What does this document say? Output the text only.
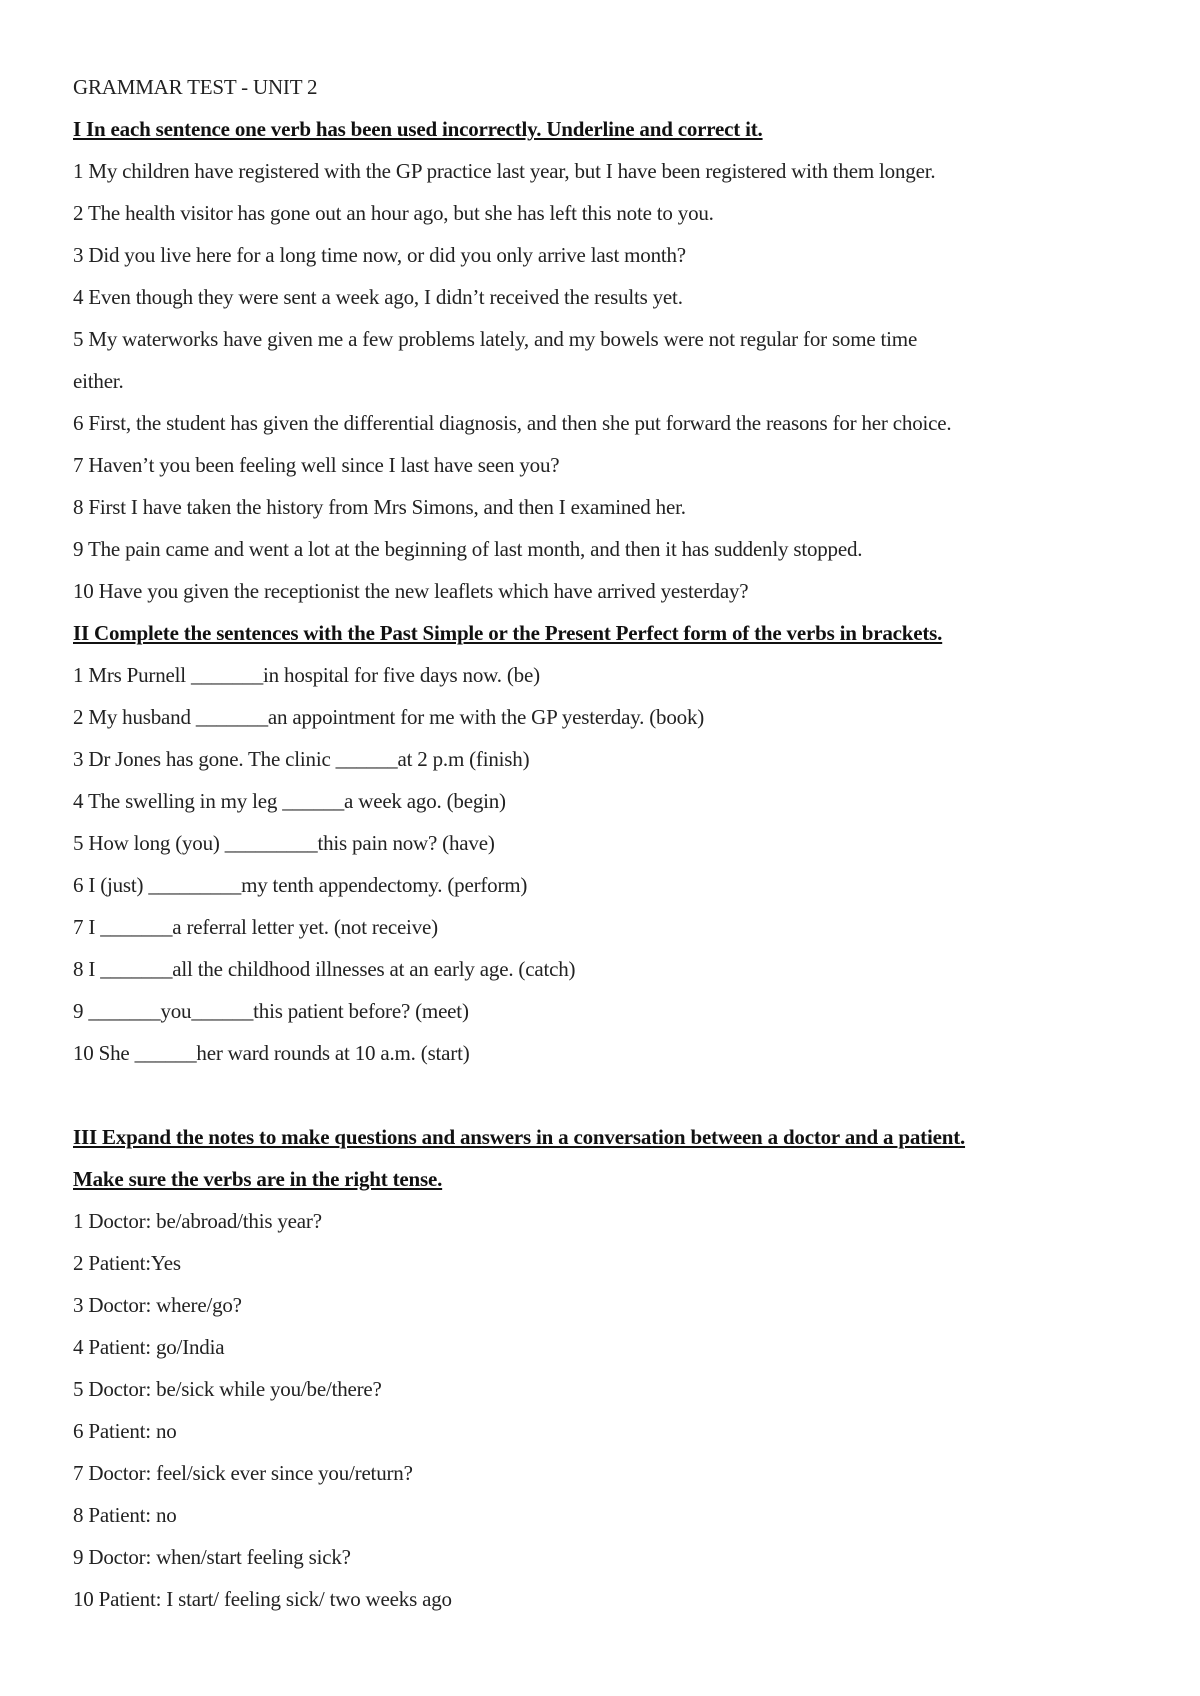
GRAMMAR TEST - UNIT 2
I In each sentence one verb has been used incorrectly. Underline and correct it.
1 My children have registered with the GP practice last year, but I have been registered with them longer.
2 The health visitor has gone out an hour ago, but she has left this note to you.
3 Did you live here for a long time now, or did you only arrive last month?
4 Even though they were sent a week ago, I didn’t received the results yet.
5 My waterworks have given me a few problems lately, and my bowels were not regular for some time
either.
6 First, the student has given the differential diagnosis, and then she put forward the reasons for her choice.
7 Haven’t you been feeling well since I last have seen you?
8 First I have taken the history from Mrs Simons, and then I examined her.
9 The pain came and went a lot at the beginning of last month, and then it has suddenly stopped.
10 Have you given the receptionist the new leaflets which have arrived yesterday?
II Complete the sentences with the Past Simple or the Present Perfect form of the verbs in brackets.
1 Mrs Purnell _______in hospital for five days now. (be)
2 My husband _______an appointment for me with the GP yesterday. (book)
3 Dr Jones has gone. The clinic ______at 2 p.m (finish)
4 The swelling in my leg ______a week ago. (begin)
5 How long (you) _________this pain now? (have)
6 I (just) _________my tenth appendectomy. (perform)
7 I _______a referral letter yet. (not receive)
8 I _______all the childhood illnesses at an early age. (catch)
9 _______you______this patient before? (meet)
10 She ______her ward rounds at 10 a.m. (start)
III Expand the notes to make questions and answers in a conversation between a doctor and a patient.
Make sure the verbs are in the right tense.
1 Doctor: be/abroad/this year?
2 Patient:Yes
3 Doctor: where/go?
4 Patient: go/India
5 Doctor: be/sick while you/be/there?
6 Patient: no
7 Doctor: feel/sick ever since you/return?
8 Patient: no
9 Doctor: when/start feeling sick?
10 Patient: I start/ feeling sick/ two weeks ago
